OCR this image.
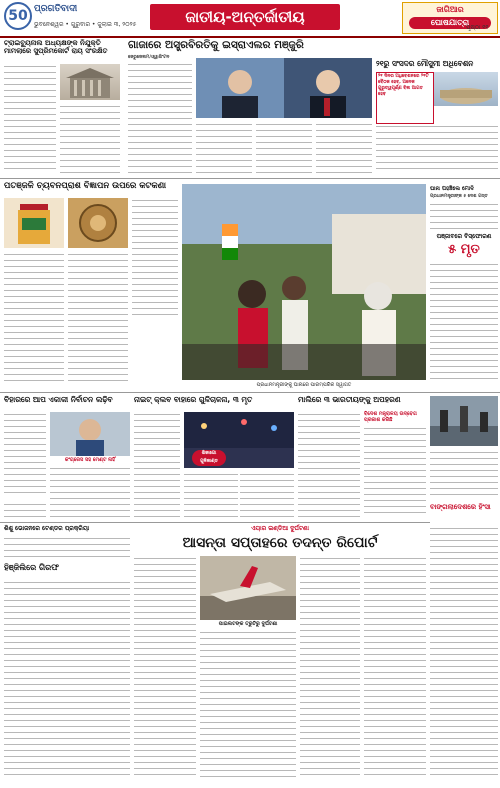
50 ପ୍ରଗତିବାଦୀ
ଭୁବନେଶ୍ୱର • ଗୁରୁବାର • ଜୁଲାଇ ୩, ୨୦୨୫	ଜାତୀୟ-ଅନ୍ତର୍ଜାତୀୟ	ଜାଗିଆର
ଘୋଷଯାତ୍ରା
ପୃଷ୍ଠା ୧୧
ଟ୍ରାଇବ୍ୟୁନାଲ ଅଧ୍ୟକ୍ଷଙ୍କ ନିଯୁକ୍ତି ମାମଲାରେ ସୁପ୍ରିମକୋର୍ଟ ରାୟ ସଂରକ୍ଷିତ	ଗାଜାରେ ଅସ୍ତ୍ରବିରତିକୁ ଇସ୍ରାଏଲର ମଞ୍ଜୁରି
ଜେରୁଜେଲମ/ଓ୍ୱାଶିଂଟନ
୨୧ରୁ ସଂସଦର ମୌସୁମୀ ଅଧିବେଶନ
୨୧ ଦିନର ଅଧିବେଶନରେ ୨୧ଟି ବୈଠକ ହେବ, ଅନେକ ଗୁରୁତ୍ୱପୂର୍ଣ୍ଣ ବିଲ ଆଗତ ହେବ
ପତଞ୍ଜଳି ଚ୍ୟବନପ୍ରାଶ ବିଜ୍ଞାପନ ଉପରେ କଟକଣା
ପ୍ରଧାନମନ୍ତ୍ରୀଙ୍କୁ ଘାନାରେ ପାରମ୍ପରିକ ସ୍ୱାଗତ
ଘାନା ପହଞ୍ଚିଲେ ମୋଦି
ପ୍ରଧାନମନ୍ତ୍ରୀଙ୍କ ୫ ଦେଶ ଗସ୍ତ
ପଞ୍ଜାବରେ ବିସ୍ଫୋରଣ
୫ ମୃତ
ବିହାରରେ ଆପ ଏକାକୀ ନିର୍ବାଚନ ଲଢ଼ିବ
କଂଗ୍ରେସ ସହ ମେଣ୍ଟ ନାହିଁ
ନାଇଟ୍‌ କ୍ଲବ ବାହାରେ ଗୁଳିଚାଳନା, ୩ ମୃତ
ଶିକାଗୋ
ଗୁଳିକାଣ୍ଡ
ମାଲିରେ ୩ ଭାରତୀୟଙ୍କୁ ଅପହରଣ
ବିଦେଶ ମନ୍ତ୍ରାଳୟ ଉଦ୍ବେଗ ପ୍ରକାଶ କରିଛି
ବାଙ୍ଗଲାଦେଶରେ ହିଂସା
ଶିଶୁ ଭୋଜନରେ ଟେଣ୍ଡର ପ୍ରକ୍ରିୟା
ହିଞ୍ଜିଲିରେ ଗିରଫ
ଏୟାର ଇଣ୍ଡିଆ ଦୁର୍ଘଟଣା
ଆସନ୍ତା ସପ୍ତାହରେ ତଦନ୍ତ ରିପୋର୍ଟ
ପାଇଲଟଙ୍କ ତ୍ରୁଟିରୁ ଦୁର୍ଘଟଣା
